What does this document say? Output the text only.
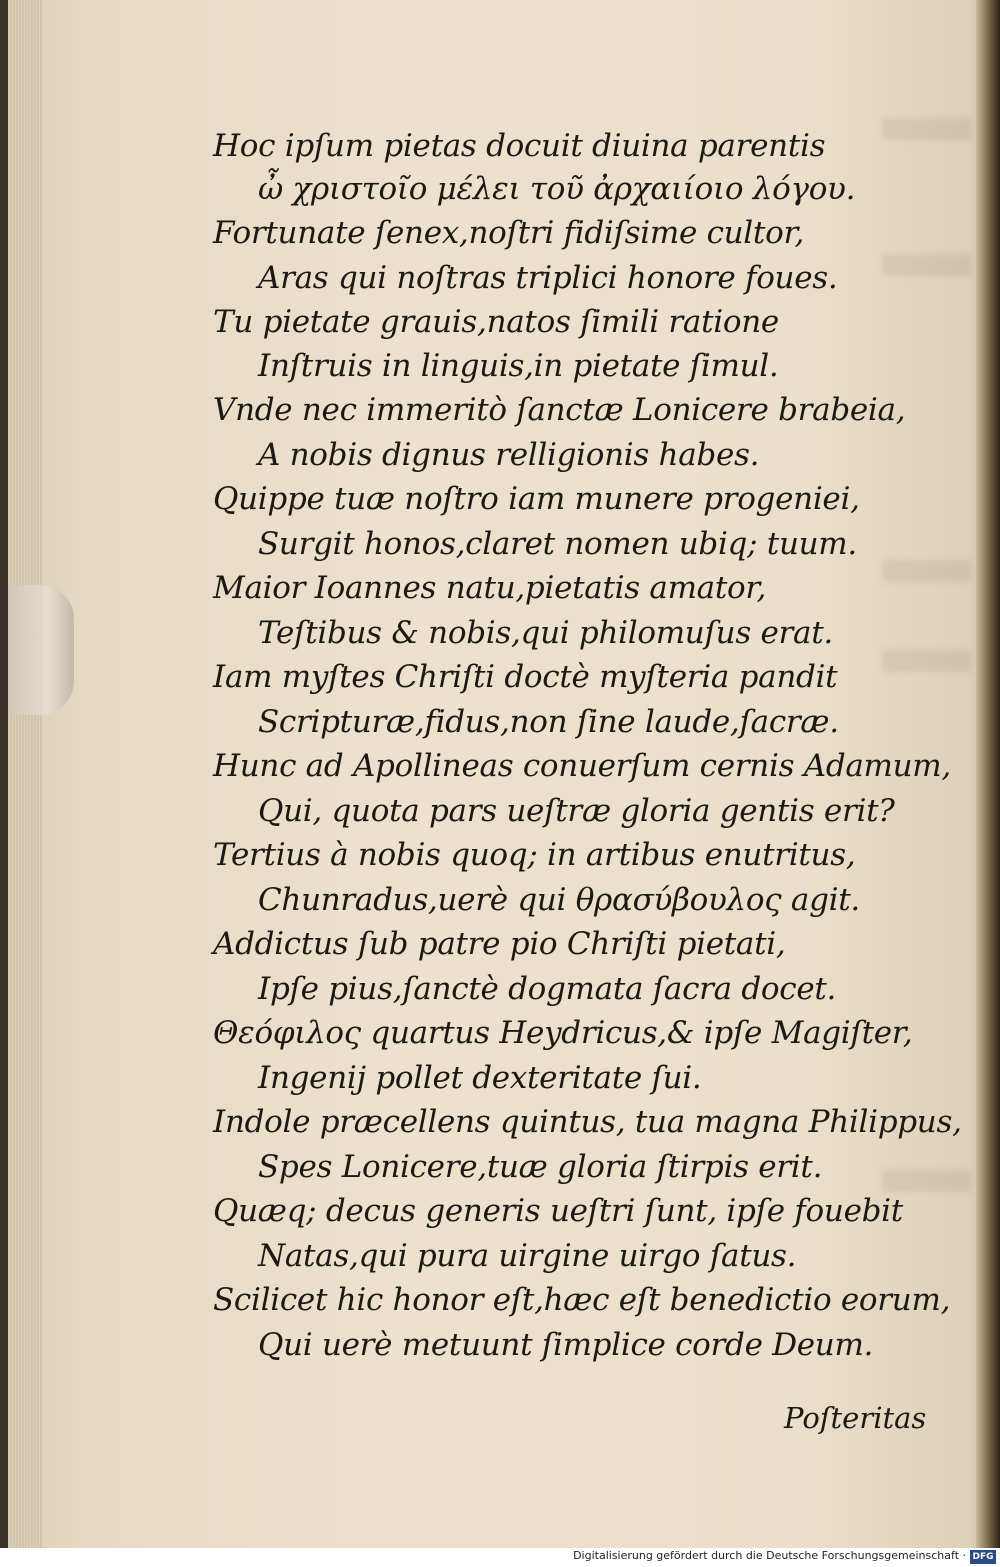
Hoc ipſum pietas docuit diuina parentis
ὦ χριστοῖο μέλει τοῦ ἀρχαιίοιο λόγου.
Fortunate ſenex,noſtri fidiſsime cultor,
Aras qui noſtras triplici honore foues.
Tu pietate grauis,natos ſimili ratione
Inſtruis in linguis,in pietate ſimul.
Vnde nec immeritò ſanctæ Lonicere brabeia,
A nobis dignus relligionis habes.
Quippe tuæ noſtro iam munere progeniei,
Surgit honos,claret nomen ubiq; tuum.
Maior Ioannes natu,pietatis amator,
Teſtibus & nobis,qui philomuſus erat.
Iam myſtes Chriſti doctè myſteria pandit
Scripturæ,fidus,non ſine laude,ſacræ.
Hunc ad Apollineas conuerſum cernis Adamum,
Qui, quota pars ueſtræ gloria gentis erit?
Tertius à nobis quoq; in artibus enutritus,
Chunradus,uerè qui θρασύβουλος agit.
Addictus ſub patre pio Chriſti pietati,
Ipſe pius,ſanctè dogmata ſacra docet.
Θεόφιλος quartus Heydricus,& ipſe Magiſter,
Ingenij pollet dexteritate ſui.
Indole præcellens quintus, tua magna Philippus,
Spes Lonicere,tuæ gloria ſtirpis erit.
Quæq; decus generis ueſtri ſunt, ipſe fouebit
Natas,qui pura uirgine uirgo ſatus.
Scilicet hic honor eſt,hæc eſt benedictio eorum,
Qui uerè metuunt ſimplice corde Deum.
Poſteritas
Digitalisierung gefördert durch die Deutsche Forschungsgemeinschaft · DFG
